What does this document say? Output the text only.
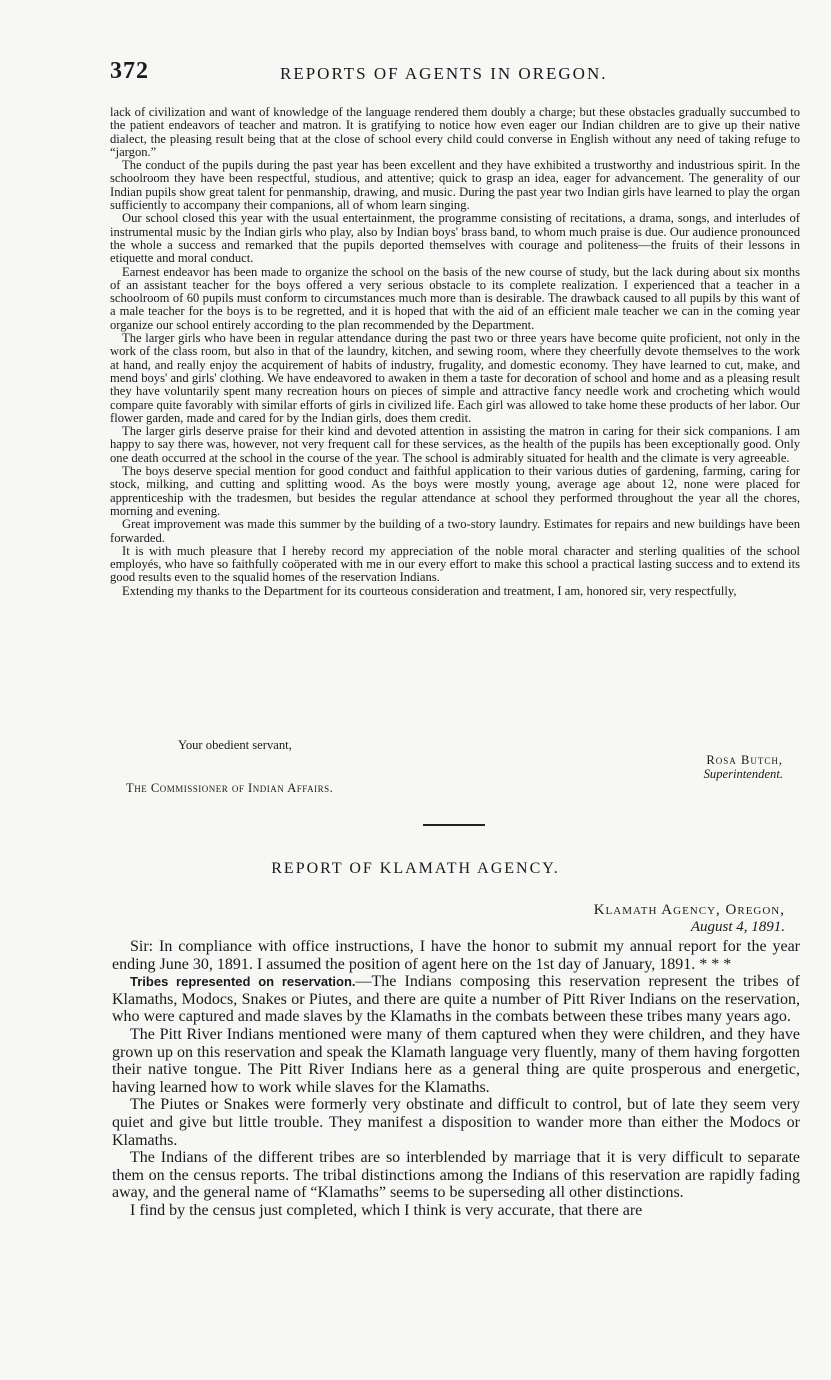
372	REPORTS OF AGENTS IN OREGON.

lack of civilization and want of knowledge of the language rendered them doubly a charge; but these obstacles gradually succumbed to the patient endeavors of teacher and matron. It is gratifying to notice how even eager our Indian children are to give up their native dialect, the pleasing result being that at the close of school every child could converse in English without any need of taking refuge to “jargon.”

The conduct of the pupils during the past year has been excellent and they have exhibited a trustworthy and industrious spirit. In the schoolroom they have been respectful, studious, and attentive; quick to grasp an idea, eager for advancement. The generality of our Indian pupils show great talent for penmanship, drawing, and music. During the past year two Indian girls have learned to play the organ sufficiently to accompany their companions, all of whom learn singing.

Our school closed this year with the usual entertainment, the programme consisting of recitations, a drama, songs, and interludes of instrumental music by the Indian girls who play, also by Indian boys' brass band, to whom much praise is due. Our audience pronounced the whole a success and remarked that the pupils deported themselves with courage and politeness—the fruits of their lessons in etiquette and moral conduct.

Earnest endeavor has been made to organize the school on the basis of the new course of study, but the lack during about six months of an assistant teacher for the boys offered a very serious obstacle to its complete realization. I experienced that a teacher in a schoolroom of 60 pupils must conform to circumstances much more than is desirable. The drawback caused to all pupils by this want of a male teacher for the boys is to be regretted, and it is hoped that with the aid of an efficient male teacher we can in the coming year organize our school entirely according to the plan recommended by the Department.

The larger girls who have been in regular attendance during the past two or three years have become quite proficient, not only in the work of the class room, but also in that of the laundry, kitchen, and sewing room, where they cheerfully devote themselves to the work at hand, and really enjoy the acquirement of habits of industry, frugality, and domestic economy. They have learned to cut, make, and mend boys' and girls' clothing. We have endeavored to awaken in them a taste for decoration of school and home and as a pleasing result they have voluntarily spent many recreation hours on pieces of simple and attractive fancy needle work and crocheting which would compare quite favorably with similar efforts of girls in civilized life. Each girl was allowed to take home these products of her labor. Our flower garden, made and cared for by the Indian girls, does them credit.

The larger girls deserve praise for their kind and devoted attention in assisting the matron in caring for their sick companions. I am happy to say there was, however, not very frequent call for these services, as the health of the pupils has been exceptionally good. Only one death occurred at the school in the course of the year. The school is admirably situated for health and the climate is very agreeable.

The boys deserve special mention for good conduct and faithful application to their various duties of gardening, farming, caring for stock, milking, and cutting and splitting wood. As the boys were mostly young, average age about 12, none were placed for apprenticeship with the tradesmen, but besides the regular attendance at school they performed throughout the year all the chores, morning and evening.

Great improvement was made this summer by the building of a two-story laundry. Estimates for repairs and new buildings have been forwarded.

It is with much pleasure that I hereby record my appreciation of the noble moral character and sterling qualities of the school employés, who have so faithfully coöperated with me in our every effort to make this school a practical lasting success and to extend its good results even to the squalid homes of the reservation Indians.

Extending my thanks to the Department for its courteous consideration and treatment, I am, honored sir, very respectfully,

Your obedient servant,
Rosa Butch,
Superintendent.
The Commissioner of Indian Affairs.
REPORT OF KLAMATH AGENCY.
Klamath Agency, Oregon,
August 4, 1891.

Sir: In compliance with office instructions, I have the honor to submit my annual report for the year ending June 30, 1891. I assumed the position of agent here on the 1st day of January, 1891. * * *

Tribes represented on reservation.—The Indians composing this reservation represent the tribes of Klamaths, Modocs, Snakes or Piutes, and there are quite a number of Pitt River Indians on the reservation, who were captured and made slaves by the Klamaths in the combats between these tribes many years ago.

The Pitt River Indians mentioned were many of them captured when they were children, and they have grown up on this reservation and speak the Klamath language very fluently, many of them having forgotten their native tongue. The Pitt River Indians here as a general thing are quite prosperous and energetic, having learned how to work while slaves for the Klamaths.

The Piutes or Snakes were formerly very obstinate and difficult to control, but of late they seem very quiet and give but little trouble. They manifest a disposition to wander more than either the Modocs or Klamaths.

The Indians of the different tribes are so interblended by marriage that it is very difficult to separate them on the census reports. The tribal distinctions among the Indians of this reservation are rapidly fading away, and the general name of “Klamaths” seems to be superseding all other distinctions.

I find by the census just completed, which I think is very accurate, that there are
